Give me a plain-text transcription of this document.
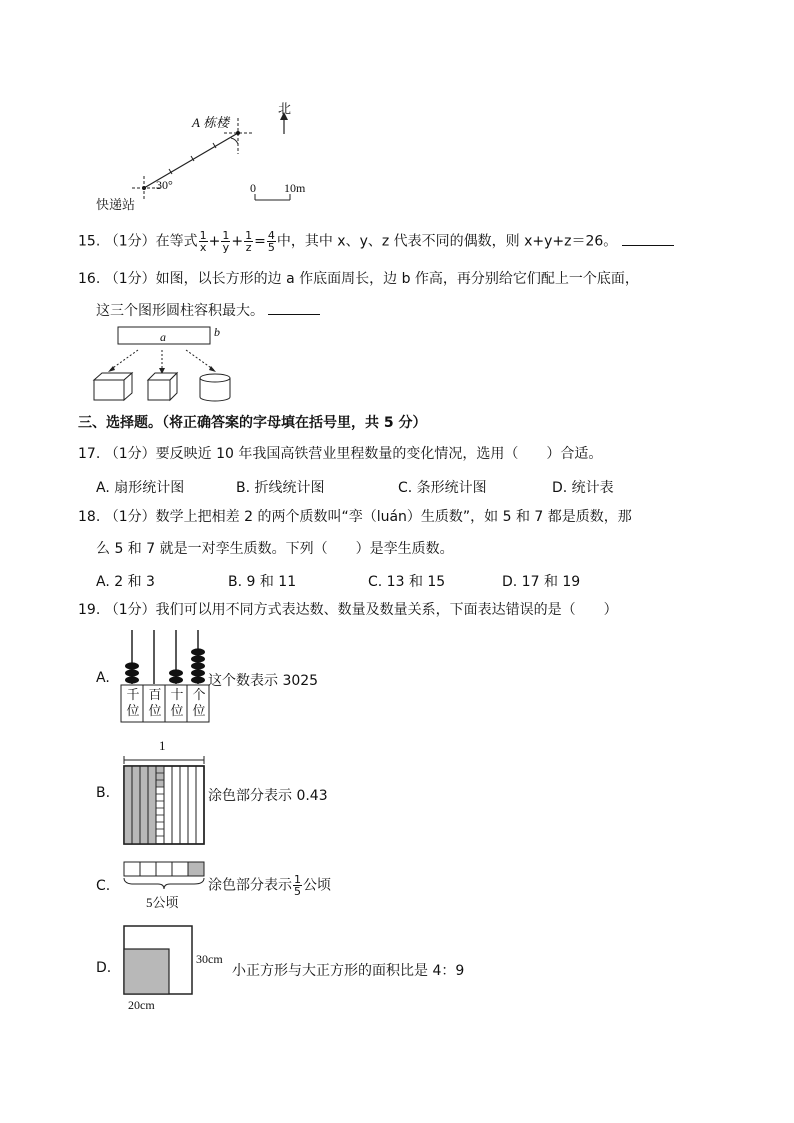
A 栋楼
北
30°
快递站
0 10m
15. （1分）在等式 $\frac{1}{x} + \frac{1}{y} + \frac{1}{z} = \frac{4}{5}$ 中，其中 x、y、z 代表不同的偶数，则 x+y+z＝26。
16. （1分）如图，以长方形的边 a 作底面周长，边 b 作高，再分别给它们配上一个底面，
这三个图形圆柱容积最大。
a	b
三、选择题。（将正确答案的字母填在括号里，共 5 分）
17. （1分）要反映近 10 年我国高铁营业里程数量的变化情况，选用（　　）合适。
A. 扇形统计图	B. 折线统计图	C. 条形统计图	D. 统计表
18. （1分）数学上把相差 2 的两个质数叫“孪（luán）生质数”，如 5 和 7 都是质数，那
么 5 和 7 就是一对孪生质数。下列（　　）是孪生质数。
A. 2 和 3	B. 9 和 11	C. 13 和 15	D. 17 和 19
19. （1分）我们可以用不同方式表达数、数量及数量关系，下面表达错误的是（　　）
A.
千
位
百
位
十
位
个
位
这个数表示 3025
B.
1
涂色部分表示 0.43
C.
5公顷
涂色部分表示 $\frac{1}{5}$ 公顷
D.
30cm
20cm
小正方形与大正方形的面积比是 4：9
